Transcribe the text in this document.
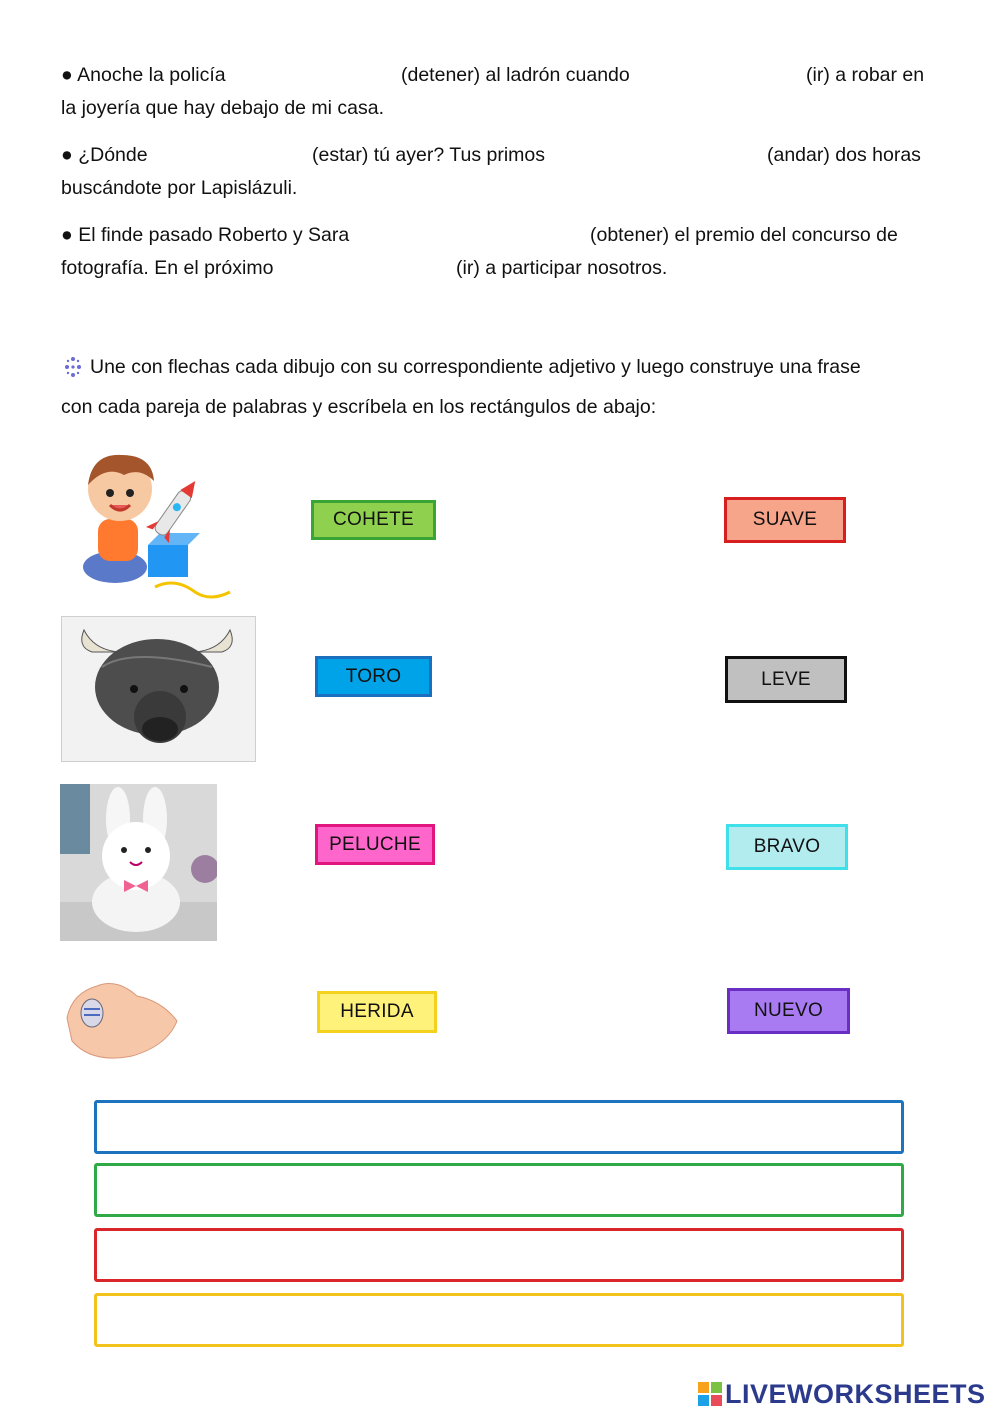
● Anoche la policía	(detener) al ladrón cuando	(ir) a robar en
la joyería que hay debajo de mi casa.
● ¿Dónde	(estar) tú ayer? Tus primos	(andar) dos horas
buscándote por Lapislázuli.
● El finde pasado Roberto y Sara	(obtener) el premio del concurso de
fotografía. En el próximo	(ir) a participar nosotros.
Une con flechas cada dibujo con su correspondiente adjetivo y luego construye una frase
con cada pareja de palabras y escríbela en los rectángulos de abajo:
COHETE
TORO
PELUCHE
HERIDA
SUAVE
LEVE
BRAVO
NUEVO
LIVEWORKSHEETS
